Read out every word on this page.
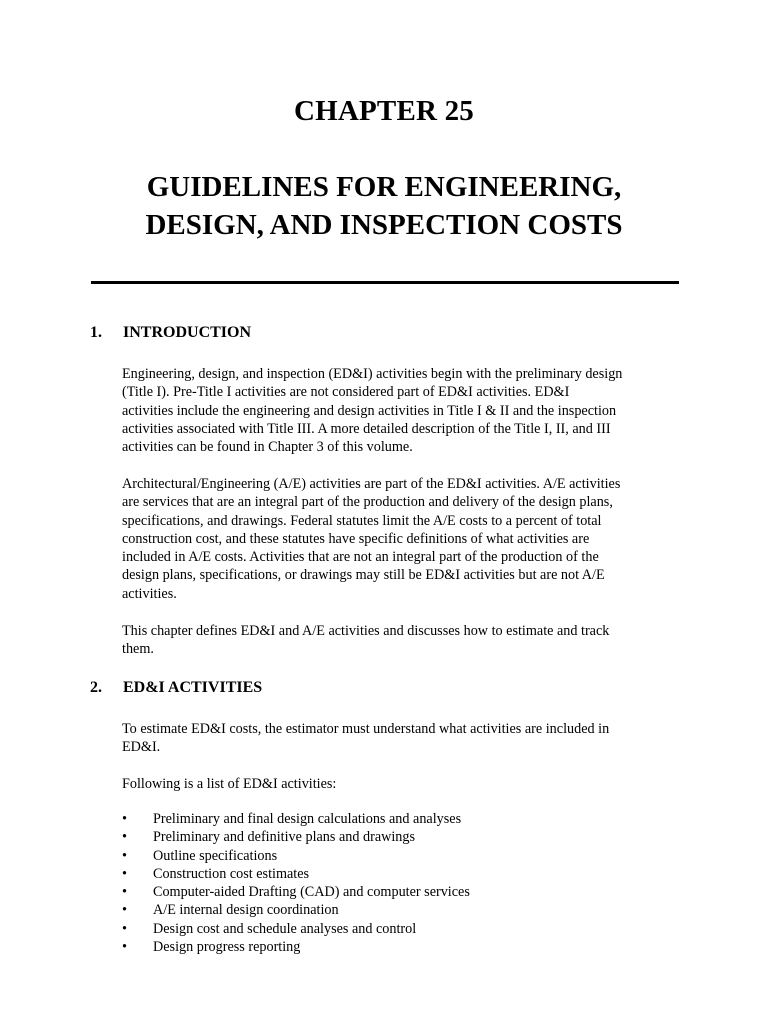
CHAPTER 25
GUIDELINES FOR ENGINEERING,
DESIGN, AND INSPECTION COSTS
1. INTRODUCTION

Engineering, design, and inspection (ED&I) activities begin with the preliminary design
(Title I). Pre-Title I activities are not considered part of ED&I activities. ED&I
activities include the engineering and design activities in Title I & II and the inspection
activities associated with Title III. A more detailed description of the Title I, II, and III
activities can be found in Chapter 3 of this volume.

Architectural/Engineering (A/E) activities are part of the ED&I activities. A/E activities
are services that are an integral part of the production and delivery of the design plans,
specifications, and drawings. Federal statutes limit the A/E costs to a percent of total
construction cost, and these statutes have specific definitions of what activities are
included in A/E costs. Activities that are not an integral part of the production of the
design plans, specifications, or drawings may still be ED&I activities but are not A/E
activities.

This chapter defines ED&I and A/E activities and discusses how to estimate and track
them.

2. ED&I ACTIVITIES

To estimate ED&I costs, the estimator must understand what activities are included in
ED&I.

Following is a list of ED&I activities:

• Preliminary and final design calculations and analyses
• Preliminary and definitive plans and drawings
• Outline specifications
• Construction cost estimates
• Computer-aided Drafting (CAD) and computer services
• A/E internal design coordination
• Design cost and schedule analyses and control
• Design progress reporting
